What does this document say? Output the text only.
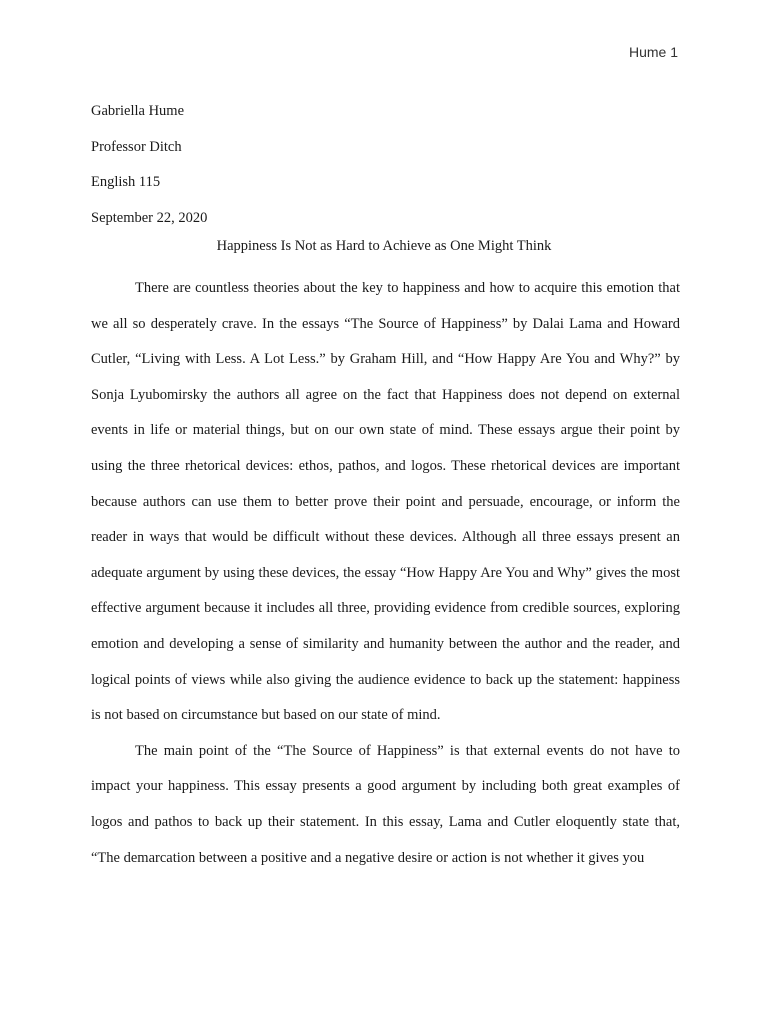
Hume 1
Gabriella Hume
Professor Ditch
English 115
September 22, 2020
Happiness Is Not as Hard to Achieve as One Might Think

There are countless theories about the key to happiness and how to acquire this emotion that we all so desperately crave. In the essays “The Source of Happiness” by Dalai Lama and Howard Cutler, “Living with Less. A Lot Less.” by Graham Hill, and “How Happy Are You and Why?” by Sonja Lyubomirsky the authors all agree on the fact that Happiness does not depend on external events in life or material things, but on our own state of mind. These essays argue their point by using the three rhetorical devices: ethos, pathos, and logos. These rhetorical devices are important because authors can use them to better prove their point and persuade, encourage, or inform the reader in ways that would be difficult without these devices. Although all three essays present an adequate argument by using these devices, the essay “How Happy Are You and Why” gives the most effective argument because it includes all three, providing evidence from credible sources, exploring emotion and developing a sense of similarity and humanity between the author and the reader, and logical points of views while also giving the audience evidence to back up the statement: happiness is not based on circumstance but based on our state of mind.

The main point of the “The Source of Happiness” is that external events do not have to impact your happiness. This essay presents a good argument by including both great examples of logos and pathos to back up their statement. In this essay, Lama and Cutler eloquently state that, “The demarcation between a positive and a negative desire or action is not whether it gives you
